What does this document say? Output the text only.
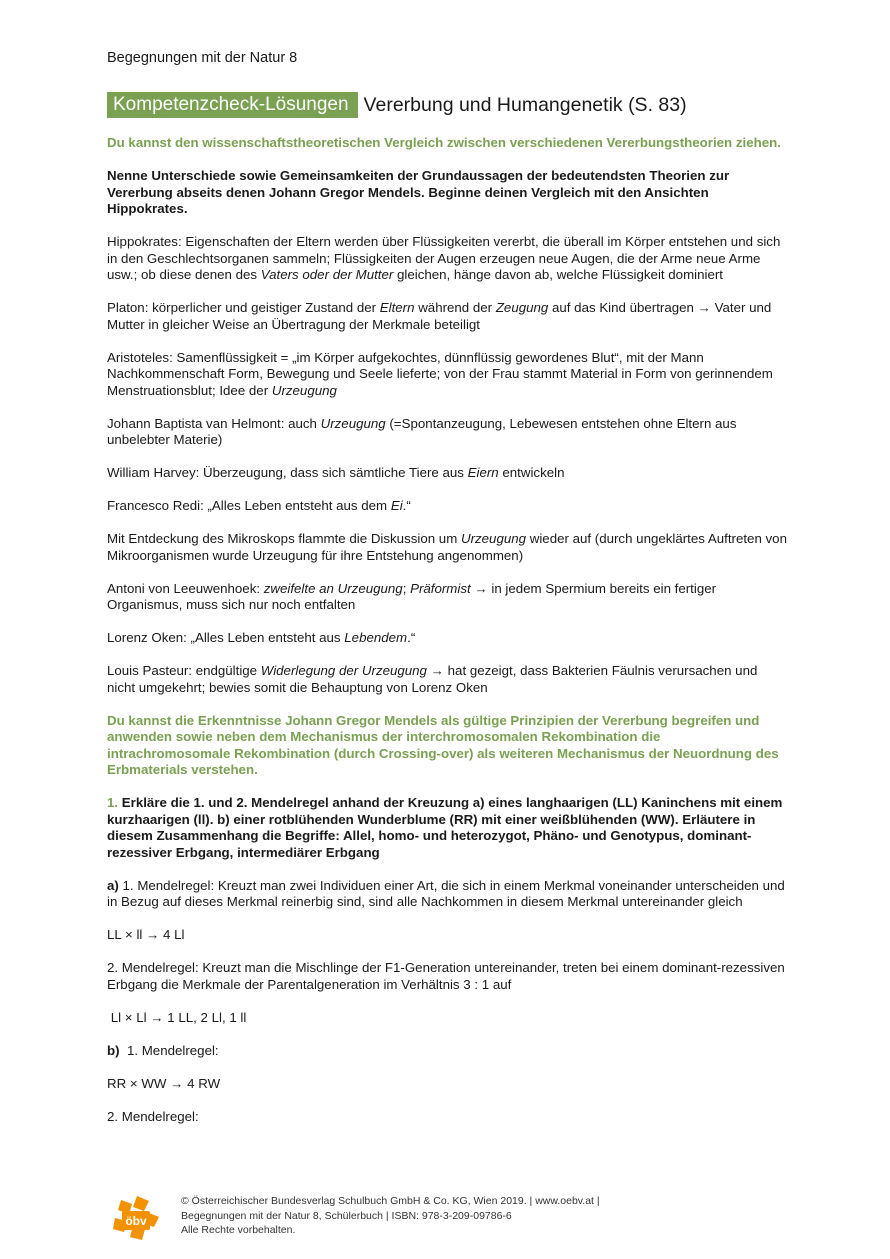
Begegnungen mit der Natur 8
Kompetenzcheck-Lösungen Vererbung und Humangenetik (S. 83)

Du kannst den wissenschaftstheoretischen Vergleich zwischen verschiedenen Vererbungstheorien ziehen.

Nenne Unterschiede sowie Gemeinsamkeiten der Grundaussagen der bedeutendsten Theorien zur Vererbung abseits denen Johann Gregor Mendels. Beginne deinen Vergleich mit den Ansichten Hippokrates.

Hippokrates: Eigenschaften der Eltern werden über Flüssigkeiten vererbt, die überall im Körper entstehen und sich in den Geschlechtsorganen sammeln; Flüssigkeiten der Augen erzeugen neue Augen, die der Arme neue Arme usw.; ob diese denen des Vaters oder der Mutter gleichen, hänge davon ab, welche Flüssigkeit dominiert

Platon: körperlicher und geistiger Zustand der Eltern während der Zeugung auf das Kind übertragen → Vater und Mutter in gleicher Weise an Übertragung der Merkmale beteiligt

Aristoteles: Samenflüssigkeit = „im Körper aufgekochtes, dünnflüssig gewordenes Blut“, mit der Mann Nachkommenschaft Form, Bewegung und Seele lieferte; von der Frau stammt Material in Form von gerinnendem Menstruationsblut; Idee der Urzeugung

Johann Baptista van Helmont: auch Urzeugung (=Spontanzeugung, Lebewesen entstehen ohne Eltern aus unbelebter Materie)

William Harvey: Überzeugung, dass sich sämtliche Tiere aus Eiern entwickeln

Francesco Redi: „Alles Leben entsteht aus dem Ei.“

Mit Entdeckung des Mikroskops flammte die Diskussion um Urzeugung wieder auf (durch ungeklärtes Auftreten von Mikroorganismen wurde Urzeugung für ihre Entstehung angenommen)

Antoni von Leeuwenhoek: zweifelte an Urzeugung; Präformist → in jedem Spermium bereits ein fertiger Organismus, muss sich nur noch entfalten

Lorenz Oken: „Alles Leben entsteht aus Lebendem.“

Louis Pasteur: endgültige Widerlegung der Urzeugung → hat gezeigt, dass Bakterien Fäulnis verursachen und nicht umgekehrt; bewies somit die Behauptung von Lorenz Oken

Du kannst die Erkenntnisse Johann Gregor Mendels als gültige Prinzipien der Vererbung begreifen und anwenden sowie neben dem Mechanismus der interchromosomalen Rekombination die intrachromosomale Rekombination (durch Crossing-over) als weiteren Mechanismus der Neuordnung des Erbmaterials verstehen.

1. Erkläre die 1. und 2. Mendelregel anhand der Kreuzung a) eines langhaarigen (LL) Kaninchens mit einem kurzhaarigen (ll). b) einer rotblühenden Wunderblume (RR) mit einer weißblühenden (WW). Erläutere in diesem Zusammenhang die Begriffe: Allel, homo- und heterozygot, Phäno- und Genotypus, dominant-rezessiver Erbgang, intermediärer Erbgang

a) 1. Mendelregel: Kreuzt man zwei Individuen einer Art, die sich in einem Merkmal voneinander unterscheiden und in Bezug auf dieses Merkmal reinerbig sind, sind alle Nachkommen in diesem Merkmal untereinander gleich

LL × ll → 4 Ll

2. Mendelregel: Kreuzt man die Mischlinge der F1-Generation untereinander, treten bei einem dominant-rezessiven Erbgang die Merkmale der Parentalgeneration im Verhältnis 3 : 1 auf

Ll × Ll → 1 LL, 2 Ll, 1 ll

b)  1. Mendelregel:

RR × WW → 4 RW

2. Mendelregel:

öbv
© Österreichischer Bundesverlag Schulbuch GmbH & Co. KG, Wien 2019. | www.oebv.at |
Begegnungen mit der Natur 8, Schülerbuch | ISBN: 978-3-209-09786-6
Alle Rechte vorbehalten.
